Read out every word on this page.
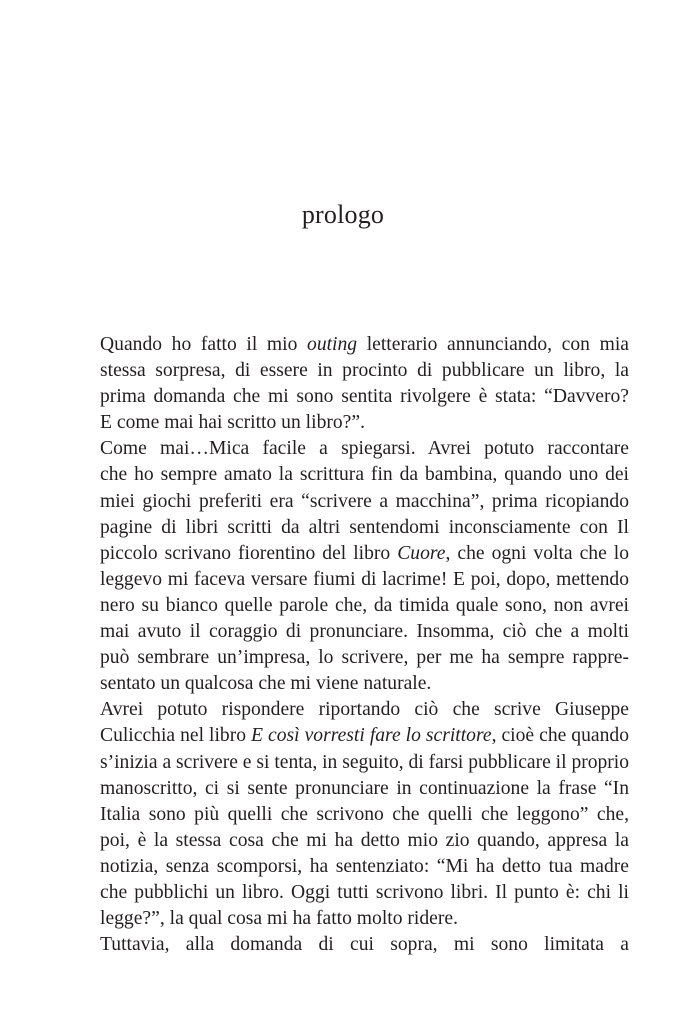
prologo
Quando ho fatto il mio outing letterario annunciando, con mia
stessa sorpresa, di essere in procinto di pubblicare un libro, la
prima domanda che mi sono sentita rivolgere è stata: “Davvero?
E come mai hai scritto un libro?”.
Come mai…Mica facile a spiegarsi. Avrei potuto raccontare
che ho sempre amato la scrittura fin da bambina, quando uno dei
miei giochi preferiti era “scrivere a macchina”, prima ricopiando
pagine di libri scritti da altri sentendomi inconsciamente con Il
piccolo scrivano fiorentino del libro Cuore, che ogni volta che lo
leggevo mi faceva versare fiumi di lacrime! E poi, dopo, mettendo
nero su bianco quelle parole che, da timida quale sono, non avrei
mai avuto il coraggio di pronunciare. Insomma, ciò che a molti
può sembrare un’impresa, lo scrivere, per me ha sempre rappre-
sentato un qualcosa che mi viene naturale.
Avrei potuto rispondere riportando ciò che scrive Giuseppe
Culicchia nel libro E così vorresti fare lo scrittore, cioè che quando
s’inizia a scrivere e si tenta, in seguito, di farsi pubblicare il proprio
manoscritto, ci si sente pronunciare in continuazione la frase “In
Italia sono più quelli che scrivono che quelli che leggono” che,
poi, è la stessa cosa che mi ha detto mio zio quando, appresa la
notizia, senza scomporsi, ha sentenziato: “Mi ha detto tua madre
che pubblichi un libro. Oggi tutti scrivono libri. Il punto è: chi li
legge?”, la qual cosa mi ha fatto molto ridere.
Tuttavia, alla domanda di cui sopra, mi sono limitata a
